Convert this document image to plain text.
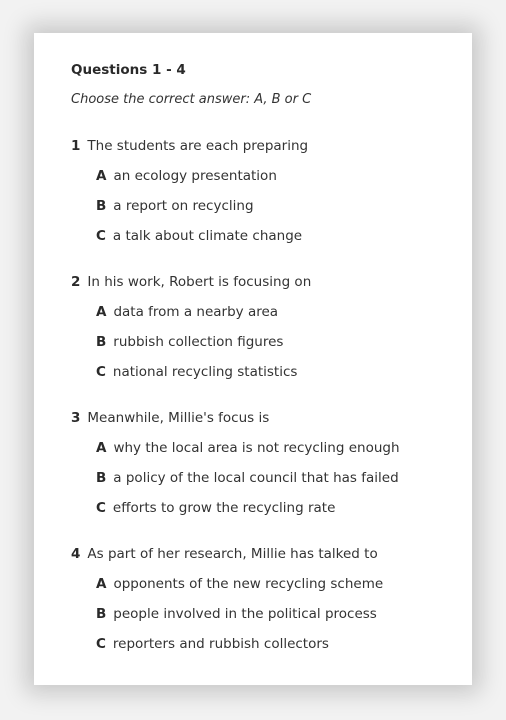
Questions 1 - 4
Choose the correct answer: A, B or C
1 The students are each preparing
A an ecology presentation
B a report on recycling
C a talk about climate change
2 In his work, Robert is focusing on
A data from a nearby area
B rubbish collection figures
C national recycling statistics
3 Meanwhile, Millie's focus is
A why the local area is not recycling enough
B a policy of the local council that has failed
C efforts to grow the recycling rate
4 As part of her research, Millie has talked to
A opponents of the new recycling scheme
B people involved in the political process
C reporters and rubbish collectors
